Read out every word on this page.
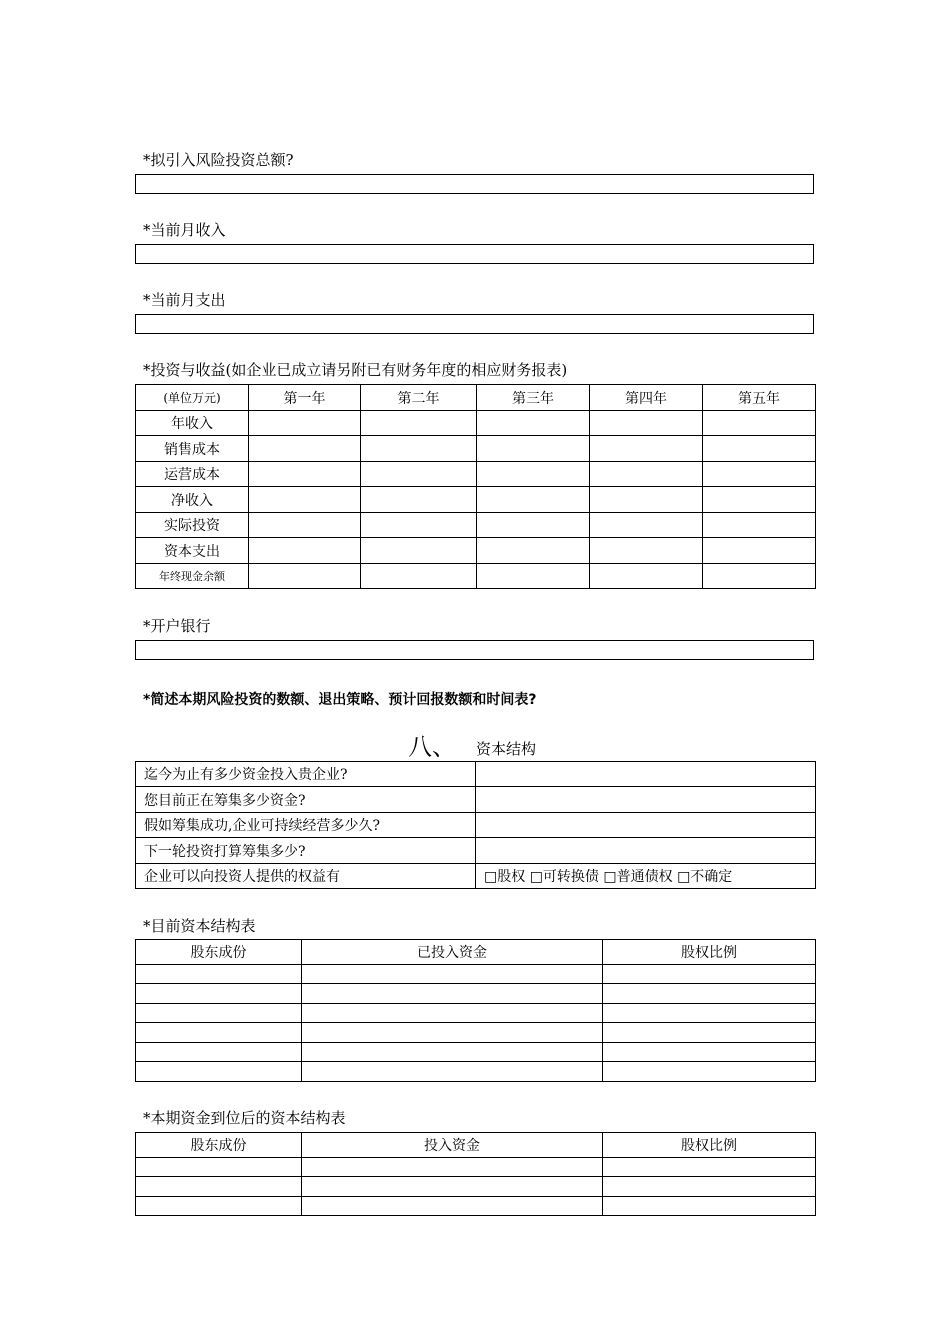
*拟引入风险投资总额?
*当前月收入
*当前月支出
*投资与收益(如企业已成立请另附已有财务年度的相应财务报表)
(单位万元)	第一年	第二年	第三年	第四年	第五年
年收入					
销售成本					
运营成本					
净收入					
实际投资					
资本支出					
年终现金余额					
*开户银行
*简述本期风险投资的数额、退出策略、预计回报数额和时间表?
八、 资本结构
迄今为止有多少资金投入贵企业?	
您目前正在筹集多少资金?	
假如筹集成功,企业可持续经营多少久?	
下一轮投资打算筹集多少?	
企业可以向投资人提供的权益有	□股权 □可转换债 □普通债权 □不确定
*目前资本结构表
股东成份	已投入资金	股权比例

*本期资金到位后的资本结构表
股东成份	投入资金	股权比例
